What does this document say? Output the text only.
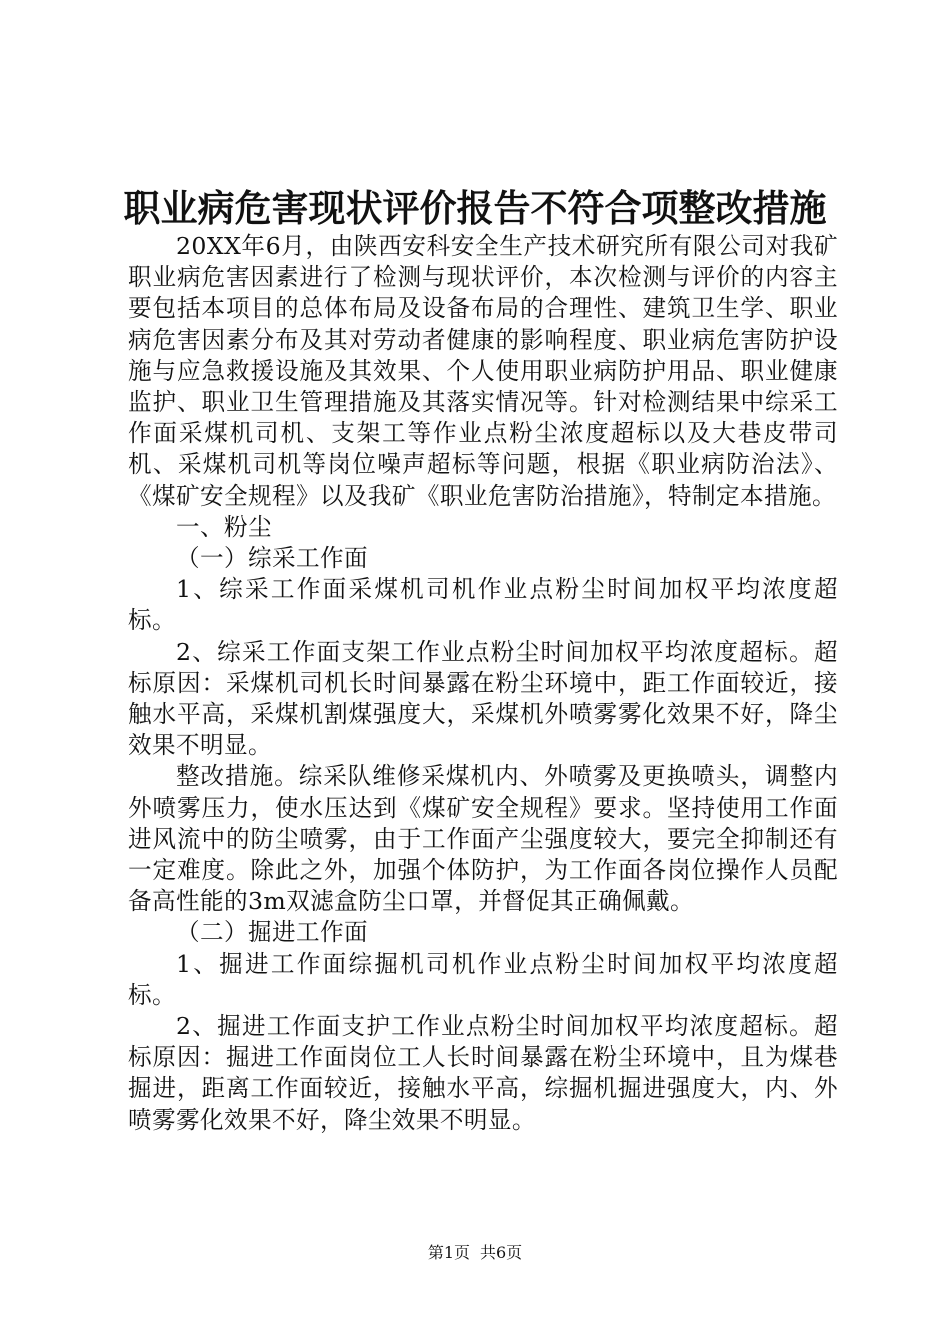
职业病危害现状评价报告不符合项整改措施

20XX年6月，由陕西安科安全生产技术研究所有限公司对我矿职业病危害因素进行了检测与现状评价，本次检测与评价的内容主要包括本项目的总体布局及设备布局的合理性、建筑卫生学、职业病危害因素分布及其对劳动者健康的影响程度、职业病危害防护设施与应急救援设施及其效果、个人使用职业病防护用品、职业健康监护、职业卫生管理措施及其落实情况等。针对检测结果中综采工作面采煤机司机、支架工等作业点粉尘浓度超标以及大巷皮带司机、采煤机司机等岗位噪声超标等问题，根据《职业病防治法》、《煤矿安全规程》以及我矿《职业危害防治措施》，特制定本措施。

一、粉尘

（一）综采工作面

1、综采工作面采煤机司机作业点粉尘时间加权平均浓度超标。

2、综采工作面支架工作业点粉尘时间加权平均浓度超标。超标原因：采煤机司机长时间暴露在粉尘环境中，距工作面较近，接触水平高，采煤机割煤强度大，采煤机外喷雾雾化效果不好，降尘效果不明显。

整改措施。综采队维修采煤机内、外喷雾及更换喷头，调整内外喷雾压力，使水压达到《煤矿安全规程》要求。坚持使用工作面进风流中的防尘喷雾，由于工作面产尘强度较大，要完全抑制还有一定难度。除此之外，加强个体防护，为工作面各岗位操作人员配备高性能的3m双滤盒防尘口罩，并督促其正确佩戴。

（二）掘进工作面

1、掘进工作面综掘机司机作业点粉尘时间加权平均浓度超标。

2、掘进工作面支护工作业点粉尘时间加权平均浓度超标。超标原因：掘进工作面岗位工人长时间暴露在粉尘环境中，且为煤巷掘进，距离工作面较近，接触水平高，综掘机掘进强度大，内、外喷雾雾化效果不好，降尘效果不明显。

第1页 共6页
